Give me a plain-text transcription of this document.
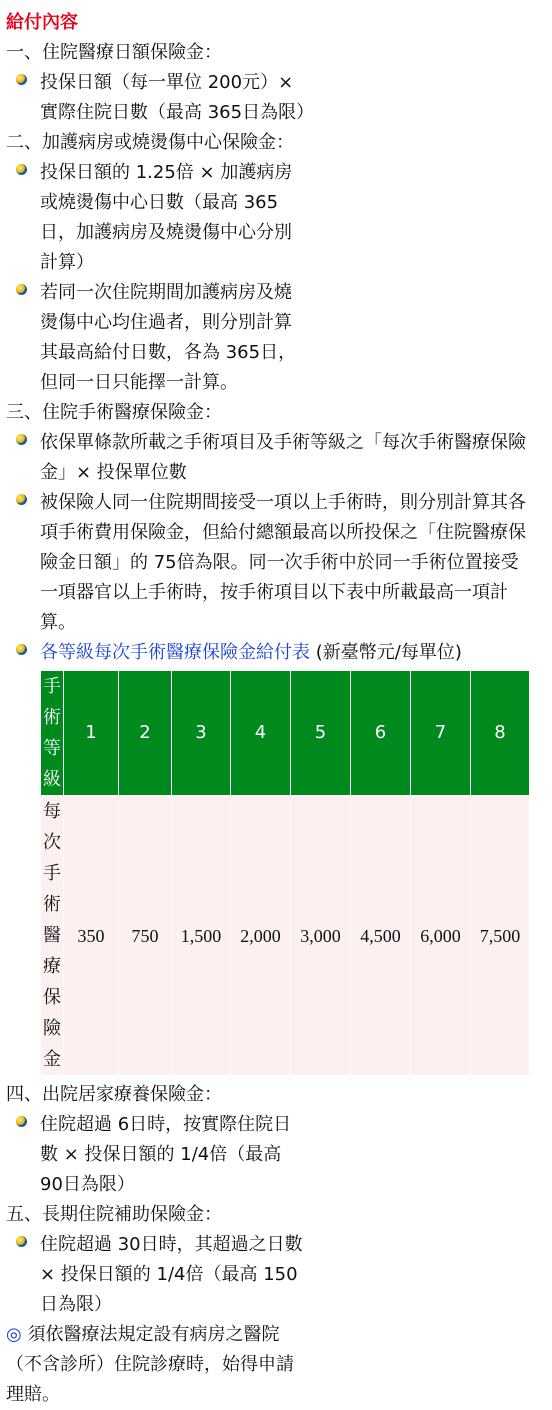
給付內容
一、住院醫療日額保險金：
投保日額（每一單位 200元）× 實際住院日數（最高 365日為限）
二、加護病房或燒燙傷中心保險金：
投保日額的 1.25倍 × 加護病房或燒燙傷中心日數（最高 365日，加護病房及燒燙傷中心分別計算）
若同一次住院期間加護病房及燒燙傷中心均住過者，則分別計算其最高給付日數，各為 365日，但同一日只能擇一計算。
三、住院手術醫療保險金：
依保單條款所載之手術項目及手術等級之「每次手術醫療保險金」× 投保單位數
被保險人同一住院期間接受一項以上手術時，則分別計算其各項手術費用保險金，但給付總額最高以所投保之「住院醫療保險金日額」的 75倍為限。同一次手術中於同一手術位置接受一項器官以上手術時，按手術項目以下表中所載最高一項計算。
各等級每次手術醫療保險金給付表 (新臺幣元/每單位)
手術等級	1	2	3	4	5	6	7	8

每次手術醫療保險金	350	750	1,500	2,000	3,000	4,500	6,000	7,500
四、出院居家療養保險金：
住院超過 6日時，按實際住院日數 × 投保日額的 1/4倍（最高 90日為限）
五、長期住院補助保險金：
住院超過 30日時，其超過之日數 × 投保日額的 1/4倍（最高 150日為限）
◎ 須依醫療法規定設有病房之醫院（不含診所）住院診療時，始得申請理賠。
